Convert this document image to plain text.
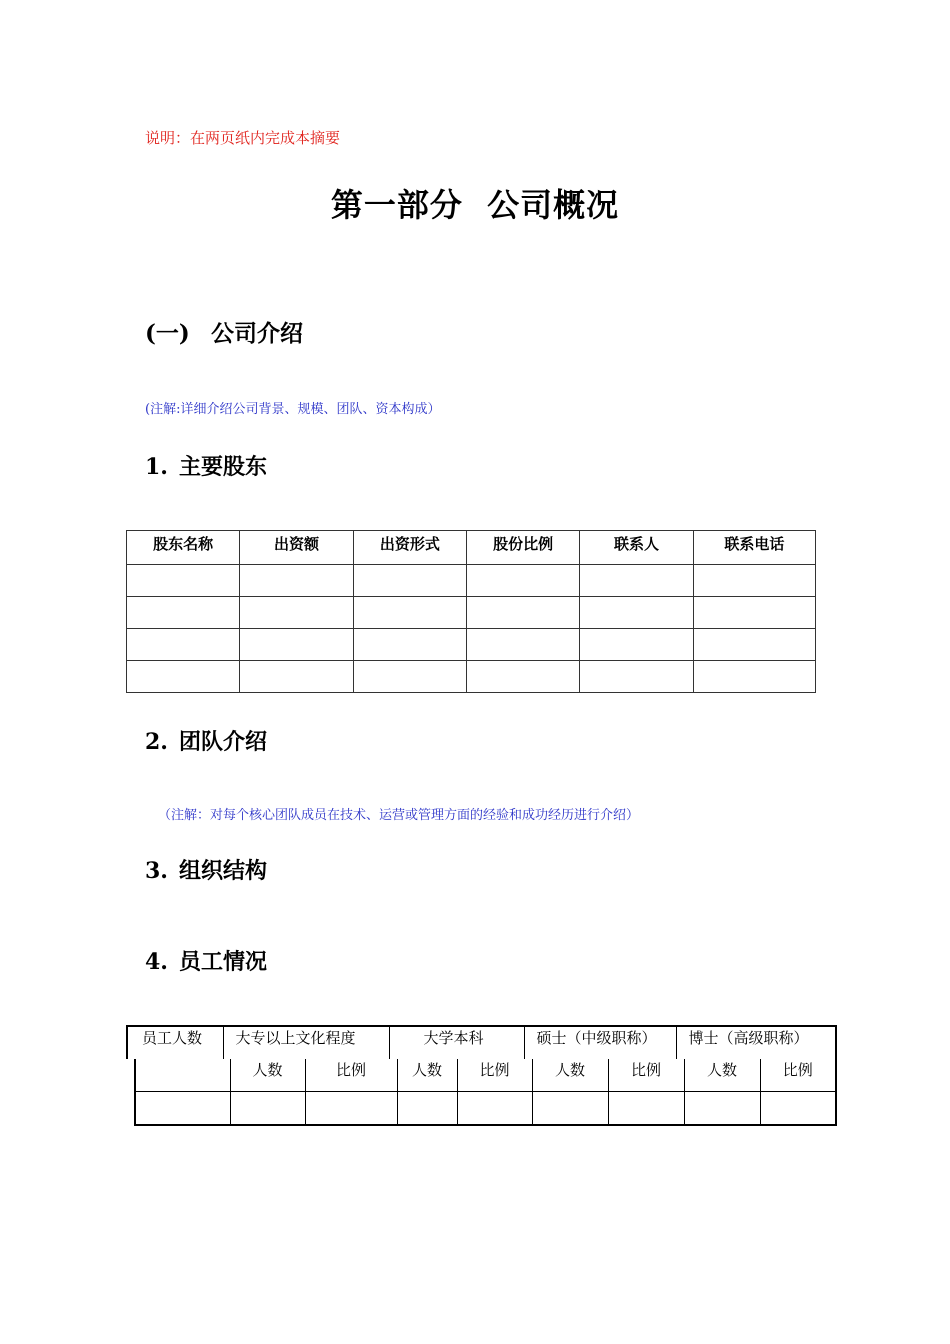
说明：在两页纸内完成本摘要
第一部分  公司概况
(一) 公司介绍
(注解:详细介绍公司背景、规模、团队、资本构成）
1. 主要股东
股东名称	出资额	出资形式	股份比例	联系人	联系电话

2. 团队介绍
（注解：对每个核心团队成员在技术、运营或管理方面的经验和成功经历进行介绍）
3. 组织结构
4. 员工情况
员工人数	大专以上文化程度	大学本科	硕士（中级职称）	博士（高级职称）
	人数	比例	人数	比例	人数	比例	人数	比例
